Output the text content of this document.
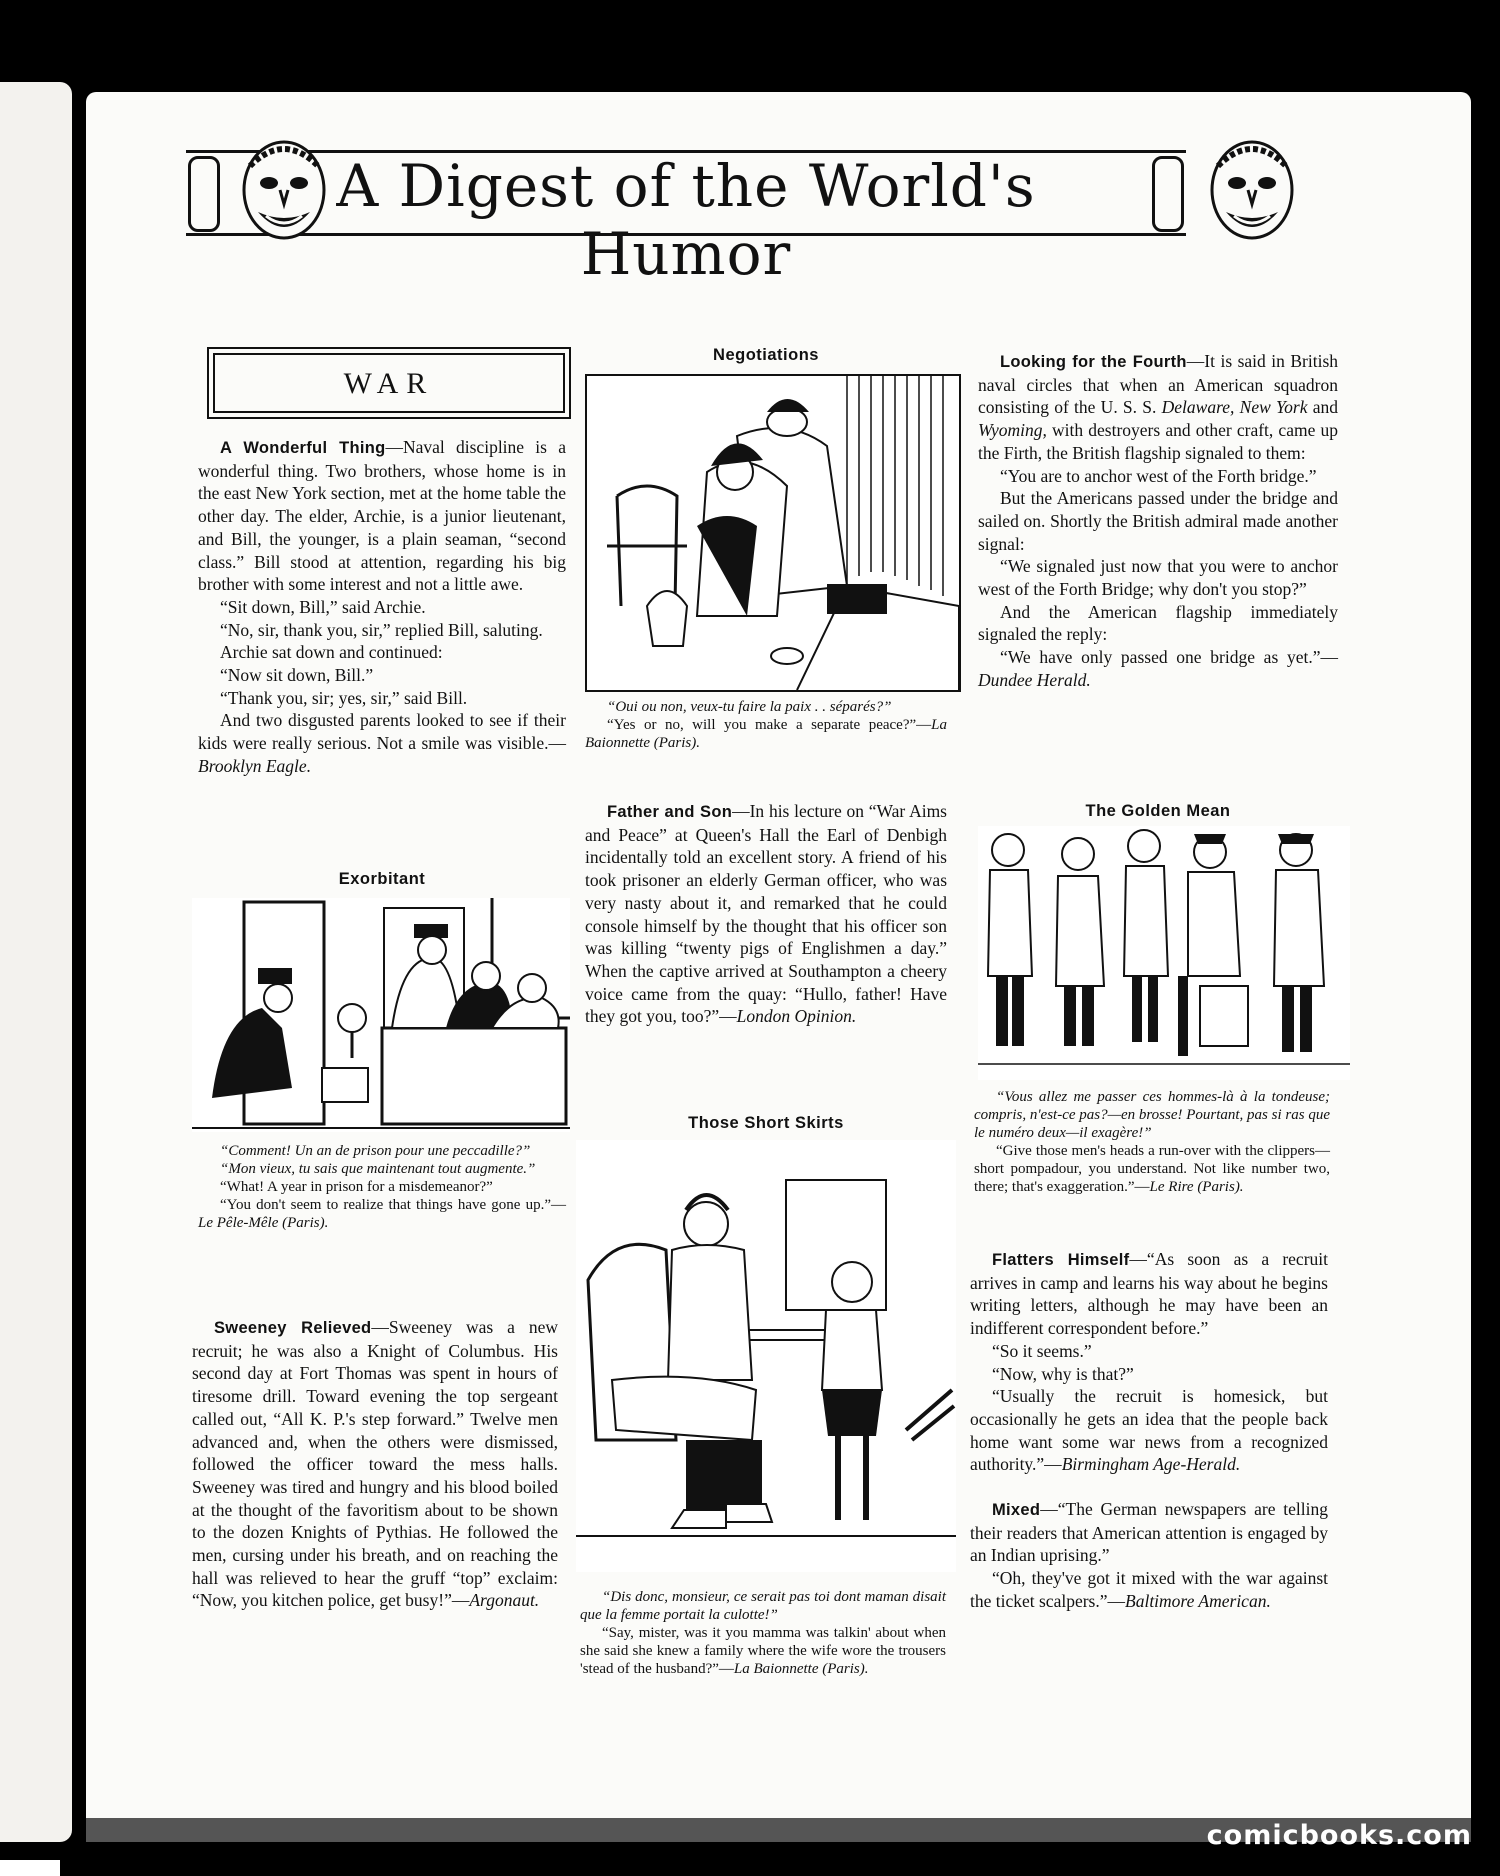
A Digest of the World's Humor
WAR

A Wonderful Thing—Naval discipline is a wonderful thing. Two brothers, whose home is in the east New York section, met at the home table the other day. The elder, Archie, is a junior lieutenant, and Bill, the younger, is a plain seaman, “second class.” Bill stood at attention, regarding his big brother with some interest and not a little awe.

“Sit down, Bill,” said Archie.

“No, sir, thank you, sir,” replied Bill, saluting.

Archie sat down and continued:

“Now sit down, Bill.”

“Thank you, sir; yes, sir,” said Bill.

And two disgusted parents looked to see if their kids were really serious. Not a smile was visible.—Brooklyn Eagle.

Exorbitant

“Comment! Un an de prison pour une peccadille?”

“Mon vieux, tu sais que maintenant tout augmente.”

“What! A year in prison for a misdemeanor?”

“You don't seem to realize that things have gone up.”—Le Pêle-Mêle (Paris).

Sweeney Relieved—Sweeney was a new recruit; he was also a Knight of Columbus. His second day at Fort Thomas was spent in hours of tiresome drill. Toward evening the top sergeant called out, “All K. P.'s step forward.” Twelve men advanced and, when the others were dismissed, followed the officer toward the mess halls. Sweeney was tired and hungry and his blood boiled at the thought of the favoritism about to be shown to the dozen Knights of Pythias. He followed the men, cursing under his breath, and on reaching the hall was relieved to hear the gruff “top” exclaim: “Now, you kitchen police, get busy!”—Argonaut.

Negotiations

“Oui ou non, veux-tu faire la paix . . séparés?”

“Yes or no, will you make a separate peace?”—La Baionnette (Paris).

Father and Son—In his lecture on “War Aims and Peace” at Queen's Hall the Earl of Denbigh incidentally told an excellent story. A friend of his took prisoner an elderly German officer, who was very nasty about it, and remarked that he could console himself by the thought that his officer son was killing “twenty pigs of Englishmen a day.” When the captive arrived at Southampton a cheery voice came from the quay: “Hullo, father! Have they got you, too?”—London Opinion.

Those Short Skirts

“Dis donc, monsieur, ce serait pas toi dont maman disait que la femme portait la culotte!”

“Say, mister, was it you mamma was talkin' about when she said she knew a family where the wife wore the trousers 'stead of the husband?”—La Baionnette (Paris).

Looking for the Fourth—It is said in British naval circles that when an American squadron consisting of the U. S. S. Delaware, New York and Wyoming, with destroyers and other craft, came up the Firth, the British flagship signaled to them:

“You are to anchor west of the Forth bridge.”

But the Americans passed under the bridge and sailed on. Shortly the British admiral made another signal:

“We signaled just now that you were to anchor west of the Forth Bridge; why don't you stop?”

And the American flagship immediately signaled the reply:

“We have only passed one bridge as yet.”—Dundee Herald.

The Golden Mean

“Vous allez me passer ces hommes-là à la tondeuse; compris, n'est-ce pas?—en brosse! Pourtant, pas si ras que le numéro deux—il exagère!”

“Give those men's heads a run-over with the clippers—short pompadour, you understand. Not like number two, there; that's exaggeration.”—Le Rire (Paris).

Flatters Himself—“As soon as a recruit arrives in camp and learns his way about he begins writing letters, although he may have been an indifferent correspondent before.”

“So it seems.”

“Now, why is that?”

“Usually the recruit is homesick, but occasionally he gets an idea that the people back home want some war news from a recognized authority.”—Birmingham Age-Herald.

Mixed—“The German newspapers are telling their readers that American attention is engaged by an Indian uprising.”

“Oh, they've got it mixed with the war against the ticket scalpers.”—Baltimore American.

comicbooks.com
